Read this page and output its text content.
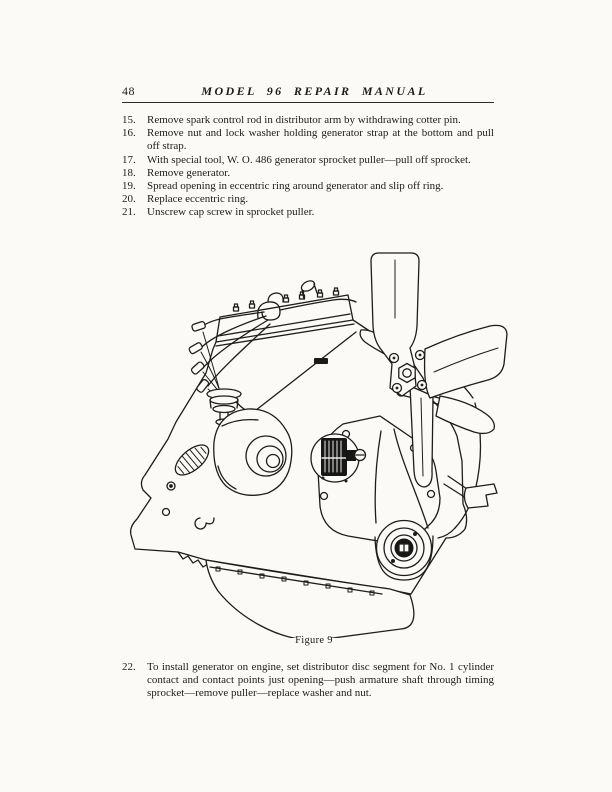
48	MODEL 96 REPAIR MANUAL
15.	Remove spark control rod in distributor arm by withdrawing cotter pin.
16.	Remove nut and lock washer holding generator strap at the bottom and pull off strap.
17.	With special tool, W. O. 486 generator sprocket puller—pull off sprocket.
18.	Remove generator.
19.	Spread opening in eccentric ring around generator and slip off ring.
20.	Replace eccentric ring.
21.	Unscrew cap screw in sprocket puller.
Figure 9
22.	To install generator on engine, set distributor disc segment for No. 1 cylinder contact and contact points just opening—push armature shaft through timing sprocket—remove puller—replace washer and nut.
